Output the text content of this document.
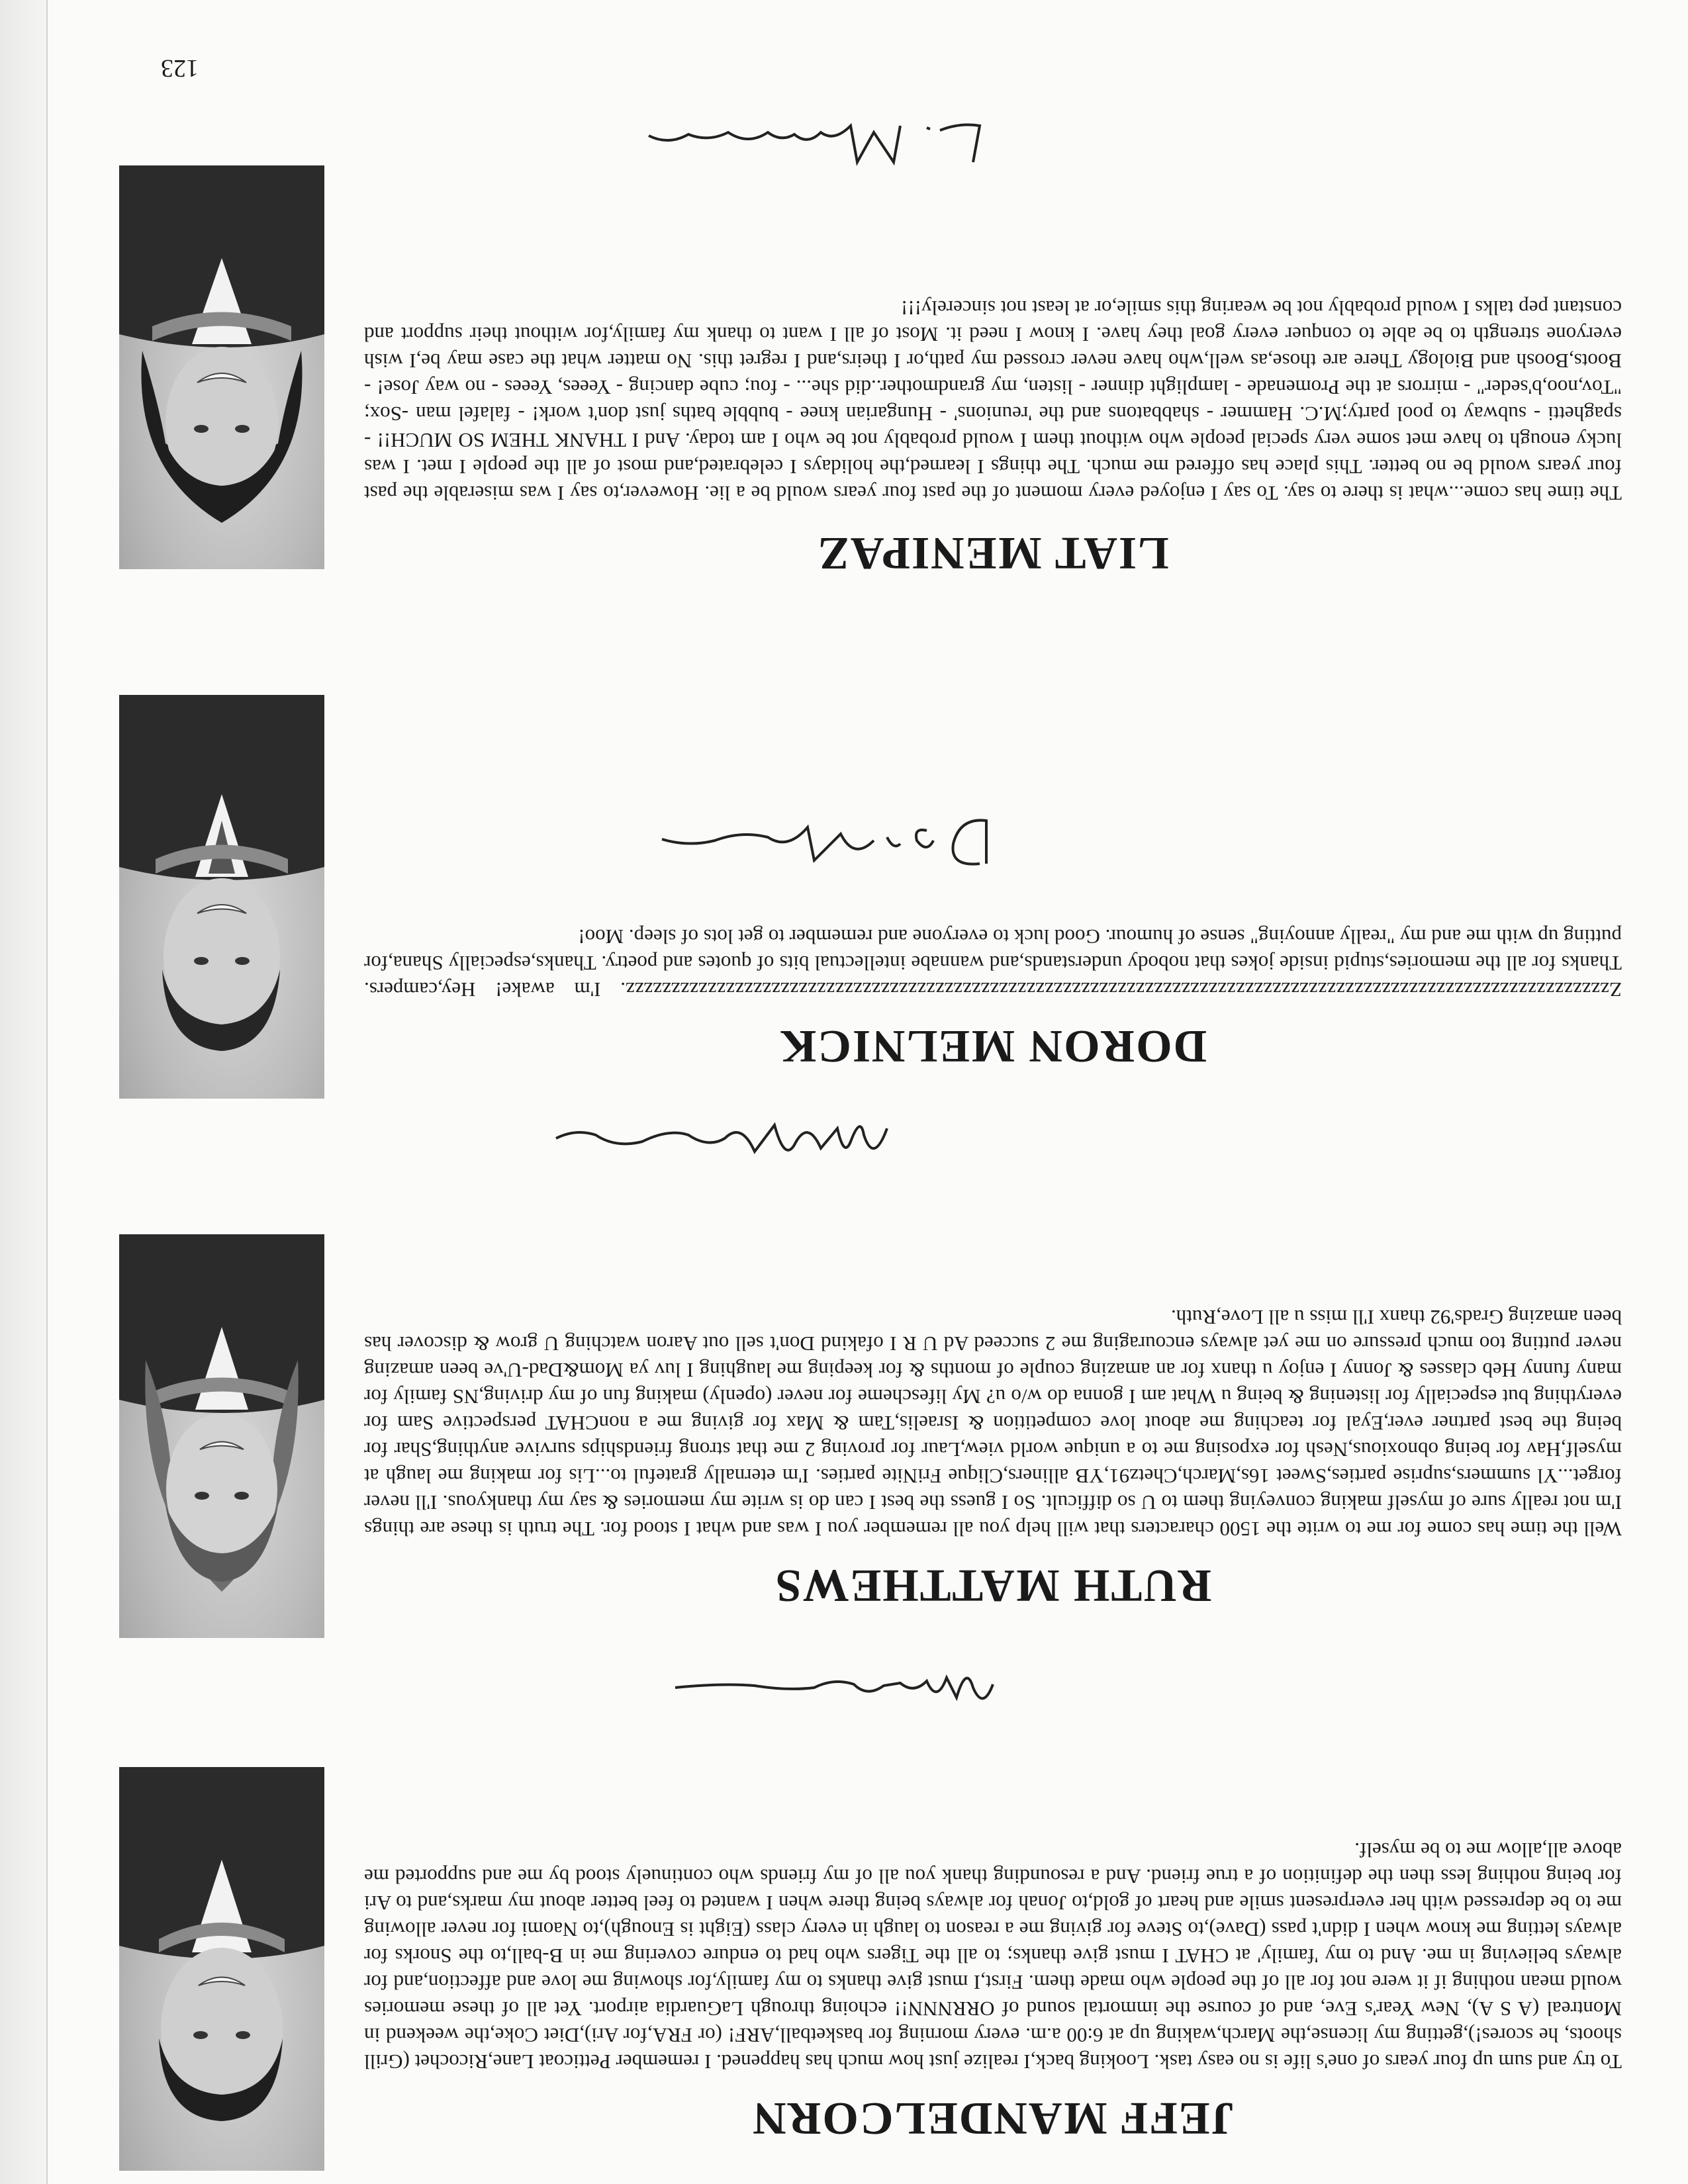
JEFF MANDELCORN
To try and sum up four years of one's life is no easy task. Looking back,I realize just how much has happened. I remember Petticoat Lane,Ricochet (Grill shoots, he scores!),getting my license,the March,waking up at 6:00 a.m. every morning for basketball,ARF! (or FRA,for Ari),Diet Coke,the weekend in Montreal (A S A), New Year's Eve, and of course the immortal sound of ORRNNN!! echoing through LaGuardia airport. Yet all of these memories would mean nothing if it were not for all of the people who made them. First,I must give thanks to my family,for showing me love and affection,and for always believing in me. And to my 'family' at CHAT I must give thanks; to all the Tigers who had to endure covering me in B-ball,to the Snorks for always letting me know when I didn't pass (Dave),to Steve for giving me a reason to laugh in every class (Eight is Enough),to Naomi for never allowing me to be depressed with her everpresent smile and heart of gold,to Jonah for always being there when I wanted to feel better about my marks,and to Ari for being nothing less then the definition of a true friend. And a resounding thank you all of my friends who continuely stood by me and supported me above all,allow me to be myself.
RUTH MATTHEWS
Well the time has come for me to write the 1500 characters that will help you all remember you I was and what I stood for. The truth is these are things I'm not really sure of myself making conveying them to U so difficult. So I guess the best I can do is write my memories & say my thankyous. I'll never forget...Yl summers,suprise parties,Sweet 16s,March,Chetz91,YB alliners,Clique FriNite parties. I'm eternally grateful to...Lis for making me laugh at myself,Hav for being obnoxious,Nesh for exposing me to a unique world view,Laur for proving 2 me that strong friendships survive anything,Shar for being the best partner ever,Eyal for teaching me about love competition & Israelis,Tam & Max for giving me a nonCHAT perspective Sam for everything but especially for listening & being u What am I gonna do w/o u? My lifescheme for never (openly) making fun of my driving,NS family for many funny Heb classes & Jonny I enjoy u thanx for an amazing couple of months & for keeping me laughing I luv ya Mom&Dad-U've been amazing never putting too much pressure on me yet always encouraging me 2 succeed Ad U R I ofakind Don't sell out Aaron watching U grow & discover has been amazing Grads'92 thanx I'll miss u all Love,Ruth.
DORON MELNICK
Zzzzzzzzzzzzzzzzzzzzzzzzzzzzzzzzzzzzzzzzzzzzzzzzzzzzzzzzzzzzzzzzzzzzzzzzzzzzzzzzzzzzzzzzzzzzzzzzzzzzzzzzzzzzz. I'm awake! Hey,campers. Thanks for all the memories,stupid inside jokes that nobody understands,and wannabe intellectual bits of quotes and poetry. Thanks,especially Shana,for putting up with me and my "really annoying" sense of humour. Good luck to everyone and remember to get lots of sleep. Moo!
LIAT MENIPAZ
The time has come...what is there to say. To say I enjoyed every moment of the past four years would be a lie. However,to say I was miserable the past four years would be no better. This place has offered me much. The things I learned,the holidays I celebrated,and most of all the people I met. I was lucky enough to have met some very special people who without them I would probably not be who I am today. And I THANK THEM SO MUCH!! -spaghetti - subway to pool party;M.C. Hammer - shabbatons and the 'reunions' - Hungarian knee - bubble baths just don't work! - falafel man -Sox; "Tov,noo,b'seder" - mirrors at the Promenade - lamplight dinner - listen, my grandmother..did she... - fou; cube dancing - Yeees, Yeees - no way Jose! - Boots,Boosh and Biology There are those,as well,who have never crossed my path,or I theirs,and I regret this. No matter what the case may be,I wish everyone strength to be able to conquer every goal they have. I know I need it. Most of all I want to thank my family,for without their support and constant pep talks I would probably not be wearing this smile,or at least not sincerely!!!
123
